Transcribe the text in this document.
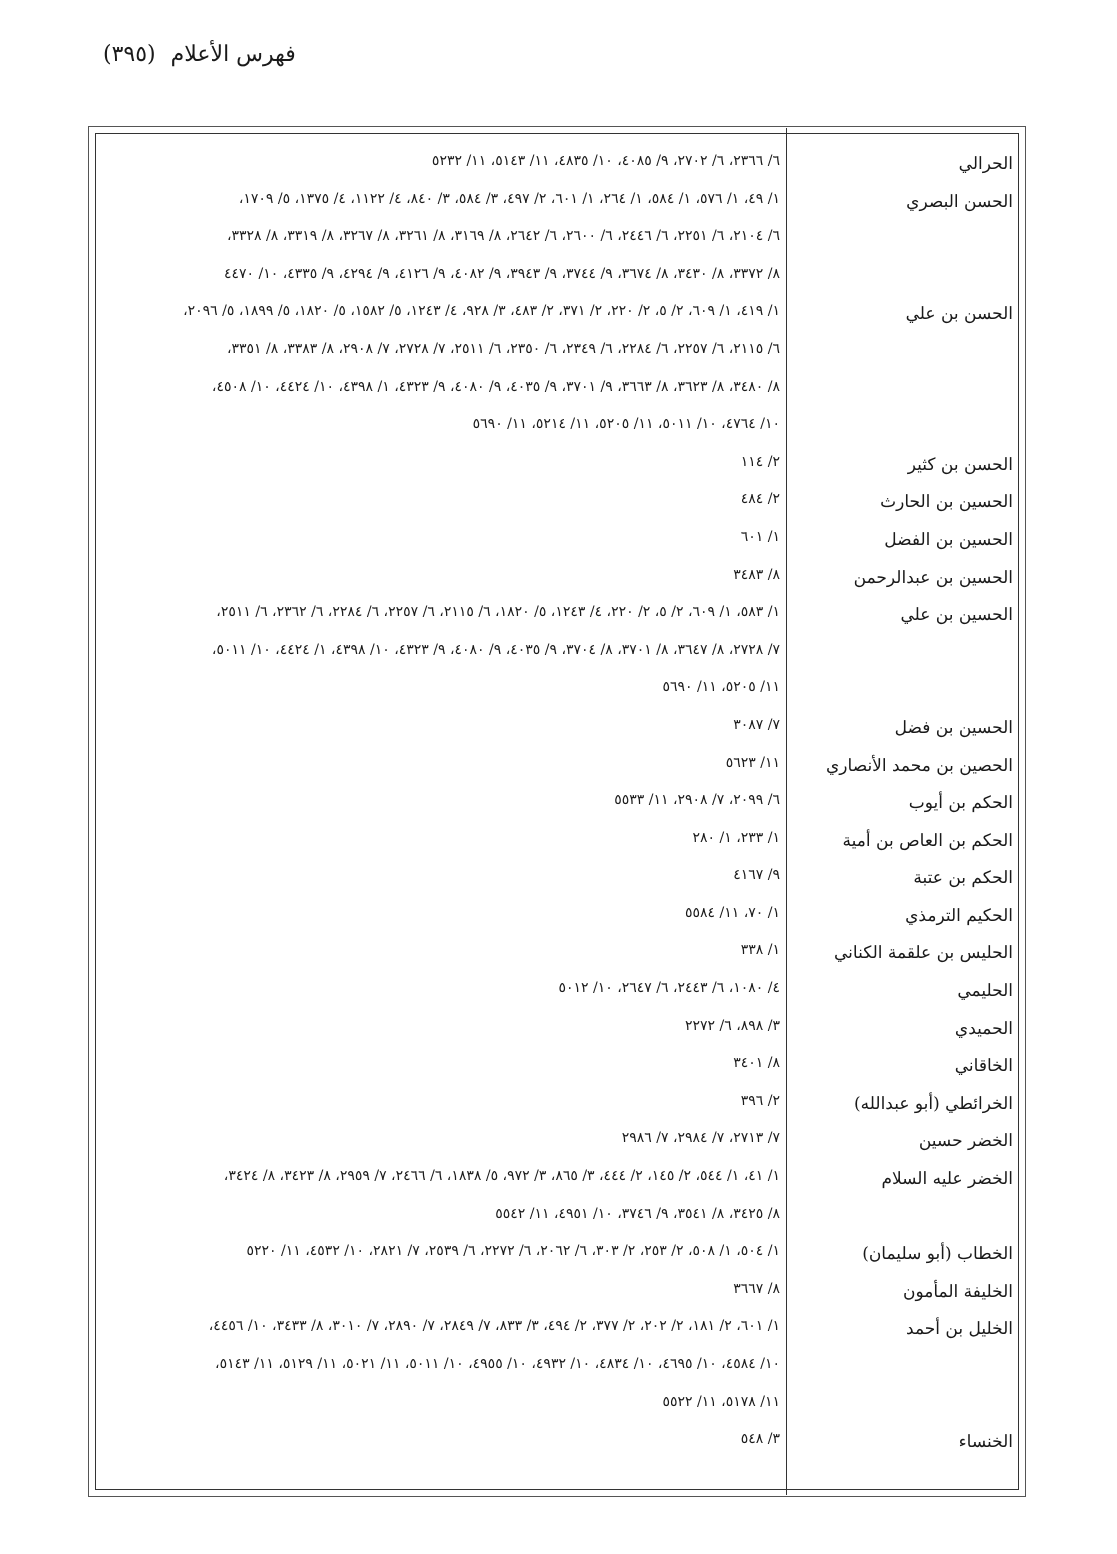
فهرس الأعلام (٣٩٥)
الحرالي
الحسن البصري
الحسن بن علي
الحسن بن كثير
الحسين بن الحارث
الحسين بن الفضل
الحسين بن عبدالرحمن
الحسين بن علي
الحسين بن فضل
الحصين بن محمد الأنصاري
الحكم بن أيوب
الحكم بن العاص بن أمية
الحكم بن عتبة
الحكيم الترمذي
الحليس بن علقمة الكناني
الحليمي
الحميدي
الخاقاني
الخرائطي (أبو عبدالله)
الخضر حسين
الخضر عليه السلام
الخطاب (أبو سليمان)
الخليفة المأمون
الخليل بن أحمد
الخنساء
٦/ ٢٣٦٦، ٦/ ٢٧٠٢، ٩/ ٤٠٨٥، ١٠/ ٤٨٣٥، ١١/ ٥١٤٣، ١١/ ٥٢٣٢
١/ ٤٩، ١/ ٥٧٦، ١/ ٥٨٤، ١/ ٢٦٤، ١/ ٦٠١، ٢/ ٤٩٧، ٣/ ٥٨٤، ٣/ ٨٤٠، ٤/ ١١٢٢، ٤/ ١٣٧٥، ٥/ ١٧٠٩،
٦/ ٢١٠٤، ٦/ ٢٢٥١، ٦/ ٢٤٤٦، ٦/ ٢٦٠٠، ٦/ ٢٦٤٢، ٨/ ٣١٦٩، ٨/ ٣٢٦١، ٨/ ٣٢٦٧، ٨/ ٣٣١٩، ٨/ ٣٣٢٨،
٨/ ٣٣٧٢، ٨/ ٣٤٣٠، ٨/ ٣٦٧٤، ٩/ ٣٧٤٤، ٩/ ٣٩٤٣، ٩/ ٤٠٨٢، ٩/ ٤١٢٦، ٩/ ٤٢٩٤، ٩/ ٤٣٣٥، ١٠/ ٤٤٧٠
١/ ٤١٩، ١/ ٦٠٩، ٢/ ٥، ٢/ ٢٢٠، ٢/ ٣٧١، ٢/ ٤٨٣، ٣/ ٩٢٨، ٤/ ١٢٤٣، ٥/ ١٥٨٢، ٥/ ١٨٢٠، ٥/ ١٨٩٩، ٥/ ٢٠٩٦،
٦/ ٢١١٥، ٦/ ٢٢٥٧، ٦/ ٢٢٨٤، ٦/ ٢٣٤٩، ٦/ ٢٣٥٠، ٦/ ٢٥١١، ٧/ ٢٧٢٨، ٧/ ٢٩٠٨، ٨/ ٣٣٨٣، ٨/ ٣٣٥١،
٨/ ٣٤٨٠، ٨/ ٣٦٢٣، ٨/ ٣٦٦٣، ٩/ ٣٧٠١، ٩/ ٤٠٣٥، ٩/ ٤٠٨٠، ٩/ ٤٣٢٣، ١/ ٤٣٩٨، ١٠/ ٤٤٢٤، ١٠/ ٤٥٠٨،
١٠/ ٤٧٦٤، ١٠/ ٥٠١١، ١١/ ٥٢٠٥، ١١/ ٥٢١٤، ١١/ ٥٦٩٠
٢/ ١١٤
٢/ ٤٨٤
١/ ٦٠١
٨/ ٣٤٨٣
١/ ٥٨٣، ١/ ٦٠٩، ٢/ ٥، ٢/ ٢٢٠، ٤/ ١٢٤٣، ٥/ ١٨٢٠، ٦/ ٢١١٥، ٦/ ٢٢٥٧، ٦/ ٢٢٨٤، ٦/ ٢٣٦٢، ٦/ ٢٥١١،
٧/ ٢٧٢٨، ٨/ ٣٦٤٧، ٨/ ٣٧٠١، ٨/ ٣٧٠٤، ٩/ ٤٠٣٥، ٩/ ٤٠٨٠، ٩/ ٤٣٢٣، ١٠/ ٤٣٩٨، ١/ ٤٤٢٤، ١٠/ ٥٠١١،
١١/ ٥٢٠٥، ١١/ ٥٦٩٠
٧/ ٣٠٨٧
١١/ ٥٦٢٣
٦/ ٢٠٩٩، ٧/ ٢٩٠٨، ١١/ ٥٥٣٣
١/ ٢٣٣، ١/ ٢٨٠
٩/ ٤١٦٧
١/ ٧٠، ١١/ ٥٥٨٤
١/ ٣٣٨
٤/ ١٠٨٠، ٦/ ٢٤٤٣، ٦/ ٢٦٤٧، ١٠/ ٥٠١٢
٣/ ٨٩٨، ٦/ ٢٢٧٢
٨/ ٣٤٠١
٢/ ٣٩٦
٧/ ٢٧١٣، ٧/ ٢٩٨٤، ٧/ ٢٩٨٦
١/ ٤١، ١/ ٥٤٤، ٢/ ١٤٥، ٢/ ٤٤٤، ٣/ ٨٦٥، ٣/ ٩٧٢، ٥/ ١٨٣٨، ٦/ ٢٤٦٦، ٧/ ٢٩٥٩، ٨/ ٣٤٢٣، ٨/ ٣٤٢٤،
٨/ ٣٤٢٥، ٨/ ٣٥٤١، ٩/ ٣٧٤٦، ١٠/ ٤٩٥١، ١١/ ٥٥٤٢
١/ ٥٠٤، ١/ ٥٠٨، ٢/ ٢٥٣، ٢/ ٣٠٣، ٦/ ٢٠٦٢، ٦/ ٢٢٧٢، ٦/ ٢٥٣٩، ٧/ ٢٨٢١، ١٠/ ٤٥٣٢، ١١/ ٥٢٢٠
٨/ ٣٦٦٧
١/ ٦٠١، ٢/ ١٨١، ٢/ ٢٠٢، ٢/ ٣٧٧، ٢/ ٤٩٤، ٣/ ٨٣٣، ٧/ ٢٨٤٩، ٧/ ٢٨٩٠، ٧/ ٣٠١٠، ٨/ ٣٤٣٣، ١٠/ ٤٤٥٦،
١٠/ ٤٥٨٤، ١٠/ ٤٦٩٥، ١٠/ ٤٨٣٤، ١٠/ ٤٩٣٢، ١٠/ ٤٩٥٥، ١٠/ ٥٠١١، ١١/ ٥٠٢١، ١١/ ٥١٢٩، ١١/ ٥١٤٣،
١١/ ٥١٧٨، ١١/ ٥٥٢٢
٣/ ٥٤٨
